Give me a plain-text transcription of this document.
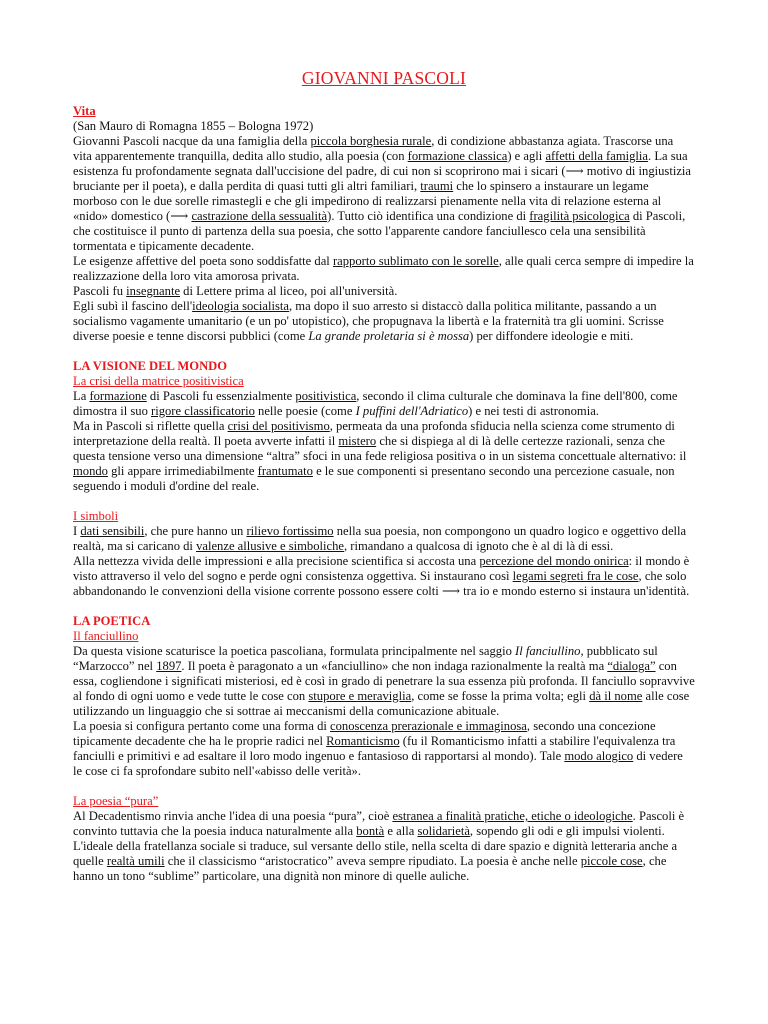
GIOVANNI PASCOLI
Vita

(San Mauro di Romagna 1855 – Bologna 1972)

Giovanni Pascoli nacque da una famiglia della piccola borghesia rurale, di condizione abbastanza agiata. Trascorse una vita apparentemente tranquilla, dedita allo studio, alla poesia (con formazione classica) e agli affetti della famiglia. La sua esistenza fu profondamente segnata dall'uccisione del padre, di cui non si scoprirono mai i sicari (⟶ motivo di ingiustizia bruciante per il poeta), e dalla perdita di quasi tutti gli altri familiari, traumi che lo spinsero a instaurare un legame morboso con le due sorelle rimastegli e che gli impedirono di realizzarsi pienamente nella vita di relazione esterna al «nido» domestico (⟶ castrazione della sessualità). Tutto ciò identifica una condizione di fragilità psicologica di Pascoli, che costituisce il punto di partenza della sua poesia, che sotto l'apparente candore fanciullesco cela una sensibilità tormentata e tipicamente decadente.

Le esigenze affettive del poeta sono soddisfatte dal rapporto sublimato con le sorelle, alle quali cerca sempre di impedire la realizzazione della loro vita amorosa privata.

Pascoli fu insegnante di Lettere prima al liceo, poi all'università.

Egli subì il fascino dell'ideologia socialista, ma dopo il suo arresto si distaccò dalla politica militante, passando a un socialismo vagamente umanitario (e un po' utopistico), che propugnava la libertà e la fraternità tra gli uomini. Scrisse diverse poesie e tenne discorsi pubblici (come La grande proletaria si è mossa) per diffondere ideologie e miti.

LA VISIONE DEL MONDO
La crisi della matrice positivistica

La formazione di Pascoli fu essenzialmente positivistica, secondo il clima culturale che dominava la fine dell'800, come dimostra il suo rigore classificatorio nelle poesie (come I puffini dell'Adriatico) e nei testi di astronomia.

Ma in Pascoli si riflette quella crisi del positivismo, permeata da una profonda sfiducia nella scienza come strumento di interpretazione della realtà. Il poeta avverte infatti il mistero che si dispiega al di là delle certezze razionali, senza che questa tensione verso una dimensione “altra” sfoci in una fede religiosa positiva o in un sistema concettuale alternativo: il mondo gli appare irrimediabilmente frantumato e le sue componenti si presentano secondo una percezione casuale, non seguendo i moduli d'ordine del reale.

I simboli

I dati sensibili, che pure hanno un rilievo fortissimo nella sua poesia, non compongono un quadro logico e oggettivo della realtà, ma si caricano di valenze allusive e simboliche, rimandano a qualcosa di ignoto che è al di là di essi.

Alla nettezza vivida delle impressioni e alla precisione scientifica si accosta una percezione del mondo onirica: il mondo è visto attraverso il velo del sogno e perde ogni consistenza oggettiva. Si instaurano così legami segreti fra le cose, che solo abbandonando le convenzioni della visione corrente possono essere colti ⟶ tra io e mondo esterno si instaura un'identità.

LA POETICA
Il fanciullino

Da questa visione scaturisce la poetica pascoliana, formulata principalmente nel saggio Il fanciullino, pubblicato sul “Marzocco” nel 1897. Il poeta è paragonato a un «fanciullino» che non indaga razionalmente la realtà ma “dialoga” con essa, cogliendone i significati misteriosi, ed è così in grado di penetrare la sua essenza più profonda. Il fanciullo sopravvive al fondo di ogni uomo e vede tutte le cose con stupore e meraviglia, come se fosse la prima volta; egli dà il nome alle cose utilizzando un linguaggio che si sottrae ai meccanismi della comunicazione abituale.

La poesia si configura pertanto come una forma di conoscenza prerazionale e immaginosa, secondo una concezione tipicamente decadente che ha le proprie radici nel Romanticismo (fu il Romanticismo infatti a stabilire l'equivalenza tra fanciulli e primitivi e ad esaltare il loro modo ingenuo e fantasioso di rapportarsi al mondo). Tale modo alogico di vedere le cose ci fa sprofondare subito nell'«abisso delle verità».

La poesia “pura”

Al Decadentismo rinvia anche l'idea di una poesia “pura”, cioè estranea a finalità pratiche, etiche o ideologiche. Pascoli è convinto tuttavia che la poesia induca naturalmente alla bontà e alla solidarietà, sopendo gli odi e gli impulsi violenti. L'ideale della fratellanza sociale si traduce, sul versante dello stile, nella scelta di dare spazio e dignità letteraria anche a quelle realtà umili che il classicismo “aristocratico” aveva sempre ripudiato. La poesia è anche nelle piccole cose, che hanno un tono “sublime” particolare, una dignità non minore di quelle auliche.
